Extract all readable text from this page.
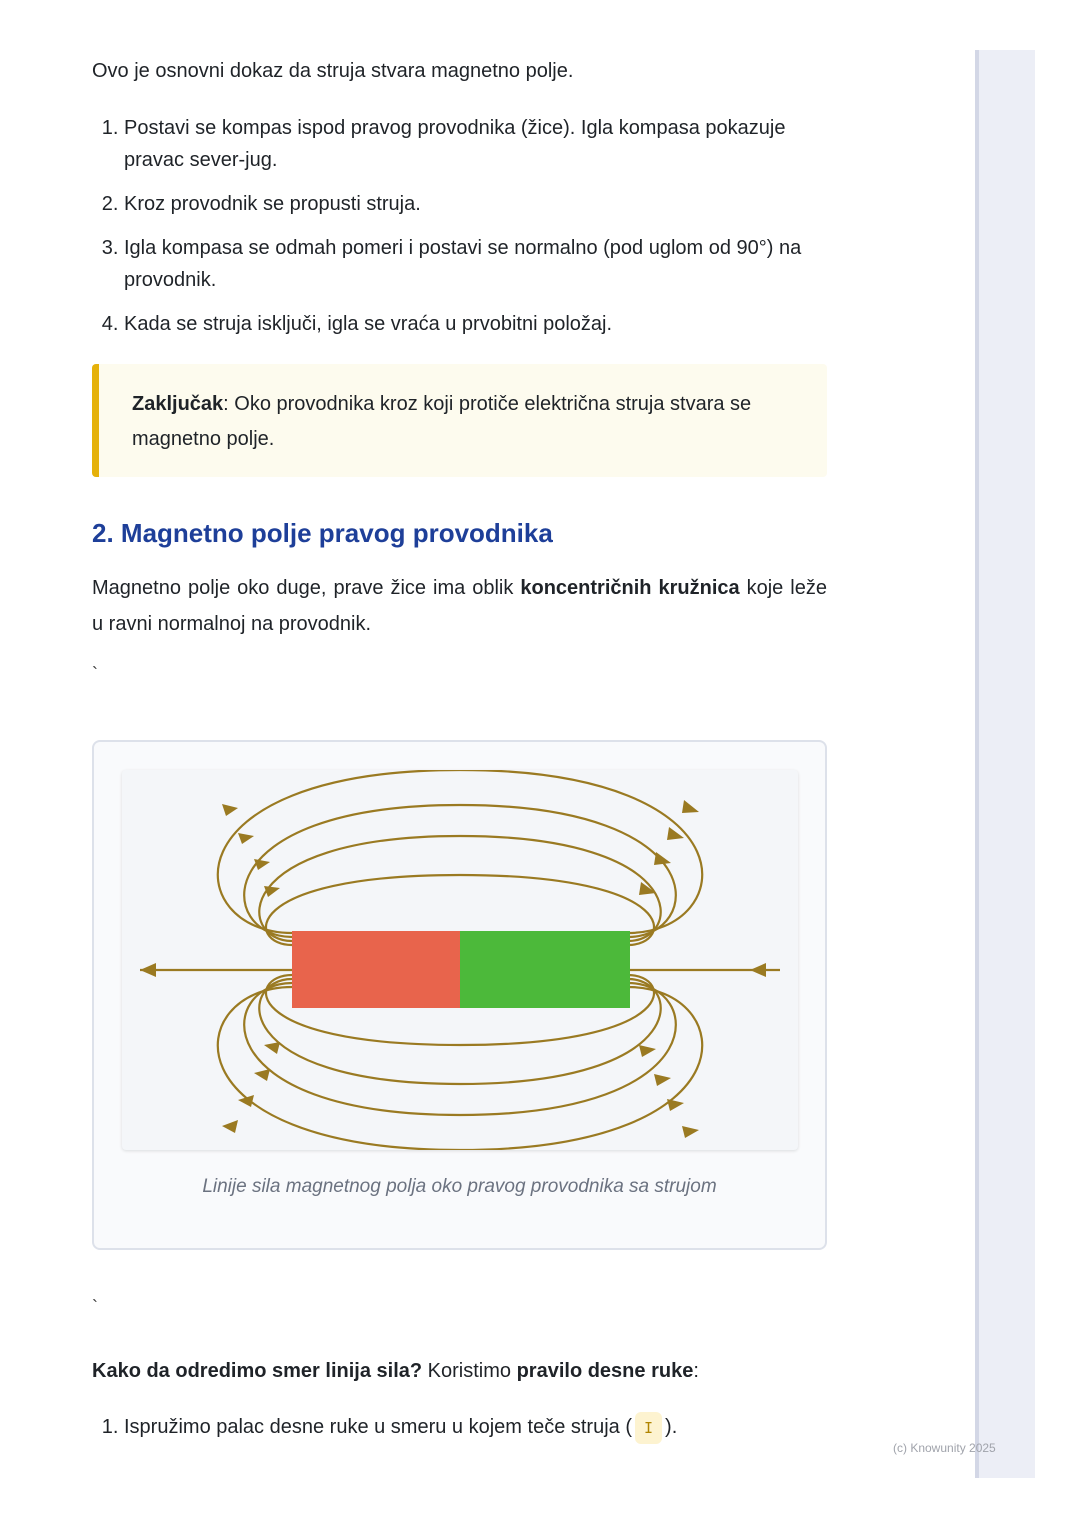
Ovo je osnovni dokaz da struja stvara magnetno polje.

1. Postavi se kompas ispod pravog provodnika (žice). Igla kompasa pokazuje pravac sever-jug.
2. Kroz provodnik se propusti struja.
3. Igla kompasa se odmah pomeri i postavi se normalno (pod uglom od 90°) na provodnik.
4. Kada se struja isključi, igla se vraća u prvobitni položaj.
Zaključak: Oko provodnika kroz koji protiče električna struja stvara se magnetno polje.
2. Magnetno polje pravog provodnika

Magnetno polje oko duge, prave žice ima oblik koncentričnih kružnica koje leže u ravni normalnoj na provodnik.

`
Linije sila magnetnog polja oko pravog provodnika sa strujom
`

Kako da odredimo smer linija sila? Koristimo pravilo desne ruke:

1. Ispružimo palac desne ruke u smeru u kojem teče struja ( I ).
(c) Knowunity 2025
